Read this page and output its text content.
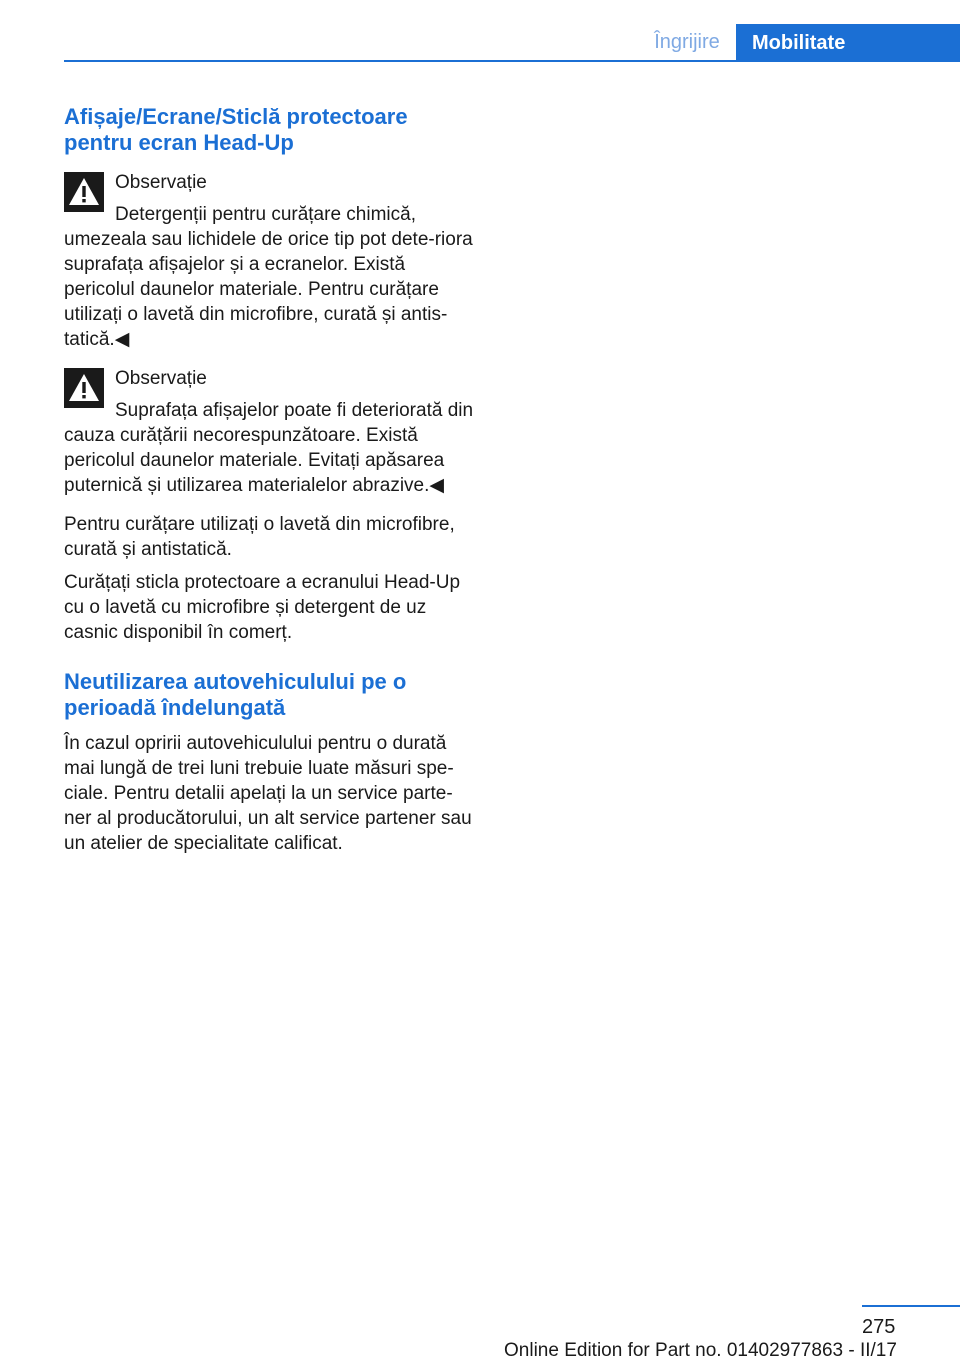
Îngrijire	Mobilitate
Afișaje/Ecrane/Sticlă protectoare pentru ecran Head-Up
Observație

Detergenții pentru curățare chimică, umezeala sau lichidele de orice tip pot dete‐riora suprafața afișajelor și a ecranelor. Există pericolul daunelor materiale. Pentru curățare utilizați o lavetă din microfibre, curată și antis‐tatică.◀

Observație

Suprafața afișajelor poate fi deteriorată din cauza curățării necorespunzătoare. Există pericolul daunelor materiale. Evitați apăsarea puternică și utilizarea materialelor abrazive.◀

Pentru curățare utilizați o lavetă din microfibre, curată și antistatică.

Curățați sticla protectoare a ecranului Head-Up cu o lavetă cu microfibre și detergent de uz casnic disponibil în comerț.

Neutilizarea autovehiculului pe o perioadă îndelungată

În cazul opririi autovehiculului pentru o durată mai lungă de trei luni trebuie luate măsuri spe‐ciale. Pentru detalii apelați la un service parte‐ner al producătorului, un alt service partener sau un atelier de specialitate calificat.

275
Online Edition for Part no. 01402977863 - II/17
